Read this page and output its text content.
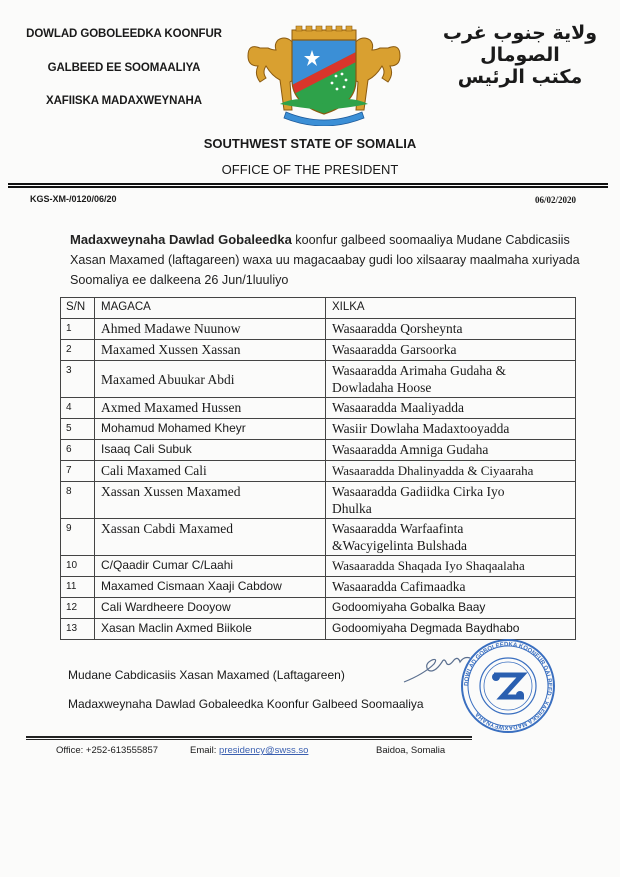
DOWLAD GOBOLEEDKA KOONFUR
GALBEED EE SOOMAALIYA
XAFIISKA MADAXWEYNAHA
ولاية جنوب غرب
الصومال
مكتب الرئيس
SOUTHWEST STATE OF SOMALIA
OFFICE OF THE PRESIDENT
KGS-XM-/0120/06/20	06/02/2020
Madaxweynaha Dawlad Gobaleedka koonfur galbeed soomaaliya Mudane Cabdicasiis Xasan Maxamed (laftagareen) waxa uu magacaabay gudi loo xilsaaray maalmaha xuriyada Soomaliya ee dalkeena 26 Jun/1luuliyo
S/N	MAGACA	XILKA
1	Ahmed Madawe Nuunow	Wasaaradda Qorsheynta
2	Maxamed Xussen Xassan	Wasaaradda Garsoorka
3	Maxamed Abuukar Abdi	Wasaaradda Arimaha Gudaha & Dowladaha Hoose
4	Axmed Maxamed Hussen	Wasaaradda Maaliyadda
5	Mohamud Mohamed Kheyr	Wasiir Dowlaha Madaxtooyadda
6	Isaaq Cali Subuk	Wasaaradda Amniga Gudaha
7	Cali Maxamed Cali	Wasaaradda Dhalinyadda & Ciyaaraha
8	Xassan Xussen Maxamed	Wasaaradda Gadiidka Cirka Iyo Dhulka
9	Xassan Cabdi Maxamed	Wasaaradda Warfaafinta &Wacyigelinta Bulshada
10	C/Qaadir Cumar C/Laahi	Wasaaradda Shaqada Iyo Shaqaalaha
11	Maxamed Cismaan Xaaji Cabdow	Wasaaradda Cafimaadka
12	Cali Wardheere Dooyow	Godoomiyaha Gobalka Baay
13	Xasan Maclin Axmed Biikole	Godoomiyaha Degmada Baydhabo
Mudane Cabdicasiis Xasan Maxamed (Laftagareen)
Madaxweynaha Dawlad Gobaleedka Koonfur Galbeed Soomaaliya
DOWLAD GOBOLEEDKA KOONFUR GALBEED · XAFIISKA MADAXWEYNAHA
Office: +252-613555857	Email: presidency@swss.so	Baidoa, Somalia
